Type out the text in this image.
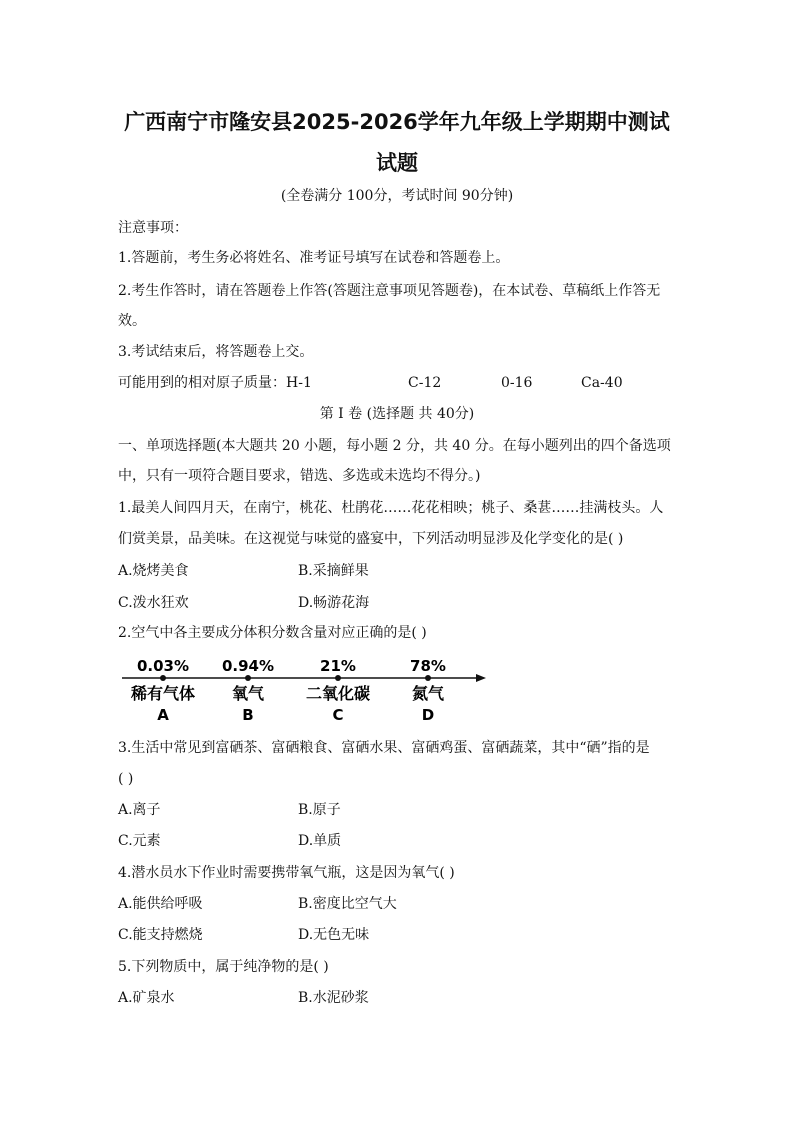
广西南宁市隆安县2025-2026学年九年级上学期期中测试
试题
(全卷满分 100分，考试时间 90分钟)
注意事项：
1.答题前，考生务必将姓名、准考证号填写在试卷和答题卷上。
2.考生作答时，请在答题卷上作答(答题注意事项见答题卷)，在本试卷、草稿纸上作答无
效。
3.考试结束后，将答题卷上交。
可能用到的相对原子质量：H-1	C-12	0-16	Ca-40
第 I 卷 (选择题 共 40分)
一、单项选择题(本大题共 20 小题，每小题 2 分，共 40 分。在每小题列出的四个备选项
中，只有一项符合题目要求，错选、多选或未选均不得分。)
1.最美人间四月天，在南宁，桃花、杜鹃花……花花相映；桃子、桑葚……挂满枝头。人
们赏美景，品美味。在这视觉与味觉的盛宴中，下列活动明显涉及化学变化的是( )
A.烧烤美食	B.采摘鲜果
C.泼水狂欢	D.畅游花海
2.空气中各主要成分体积分数含量对应正确的是( )
0.03% 0.94%	21%	78%
稀有气体 氧气	二氧化碳	氮气
A	B	C	D
3.生活中常见到富硒茶、富硒粮食、富硒水果、富硒鸡蛋、富硒蔬菜，其中“硒”指的是
( )
A.离子	B.原子
C.元素	D.单质
4.潜水员水下作业时需要携带氧气瓶，这是因为氧气( )
A.能供给呼吸	B.密度比空气大
C.能支持燃烧	D.无色无味
5.下列物质中，属于纯净物的是( )
A.矿泉水	B.水泥砂浆
